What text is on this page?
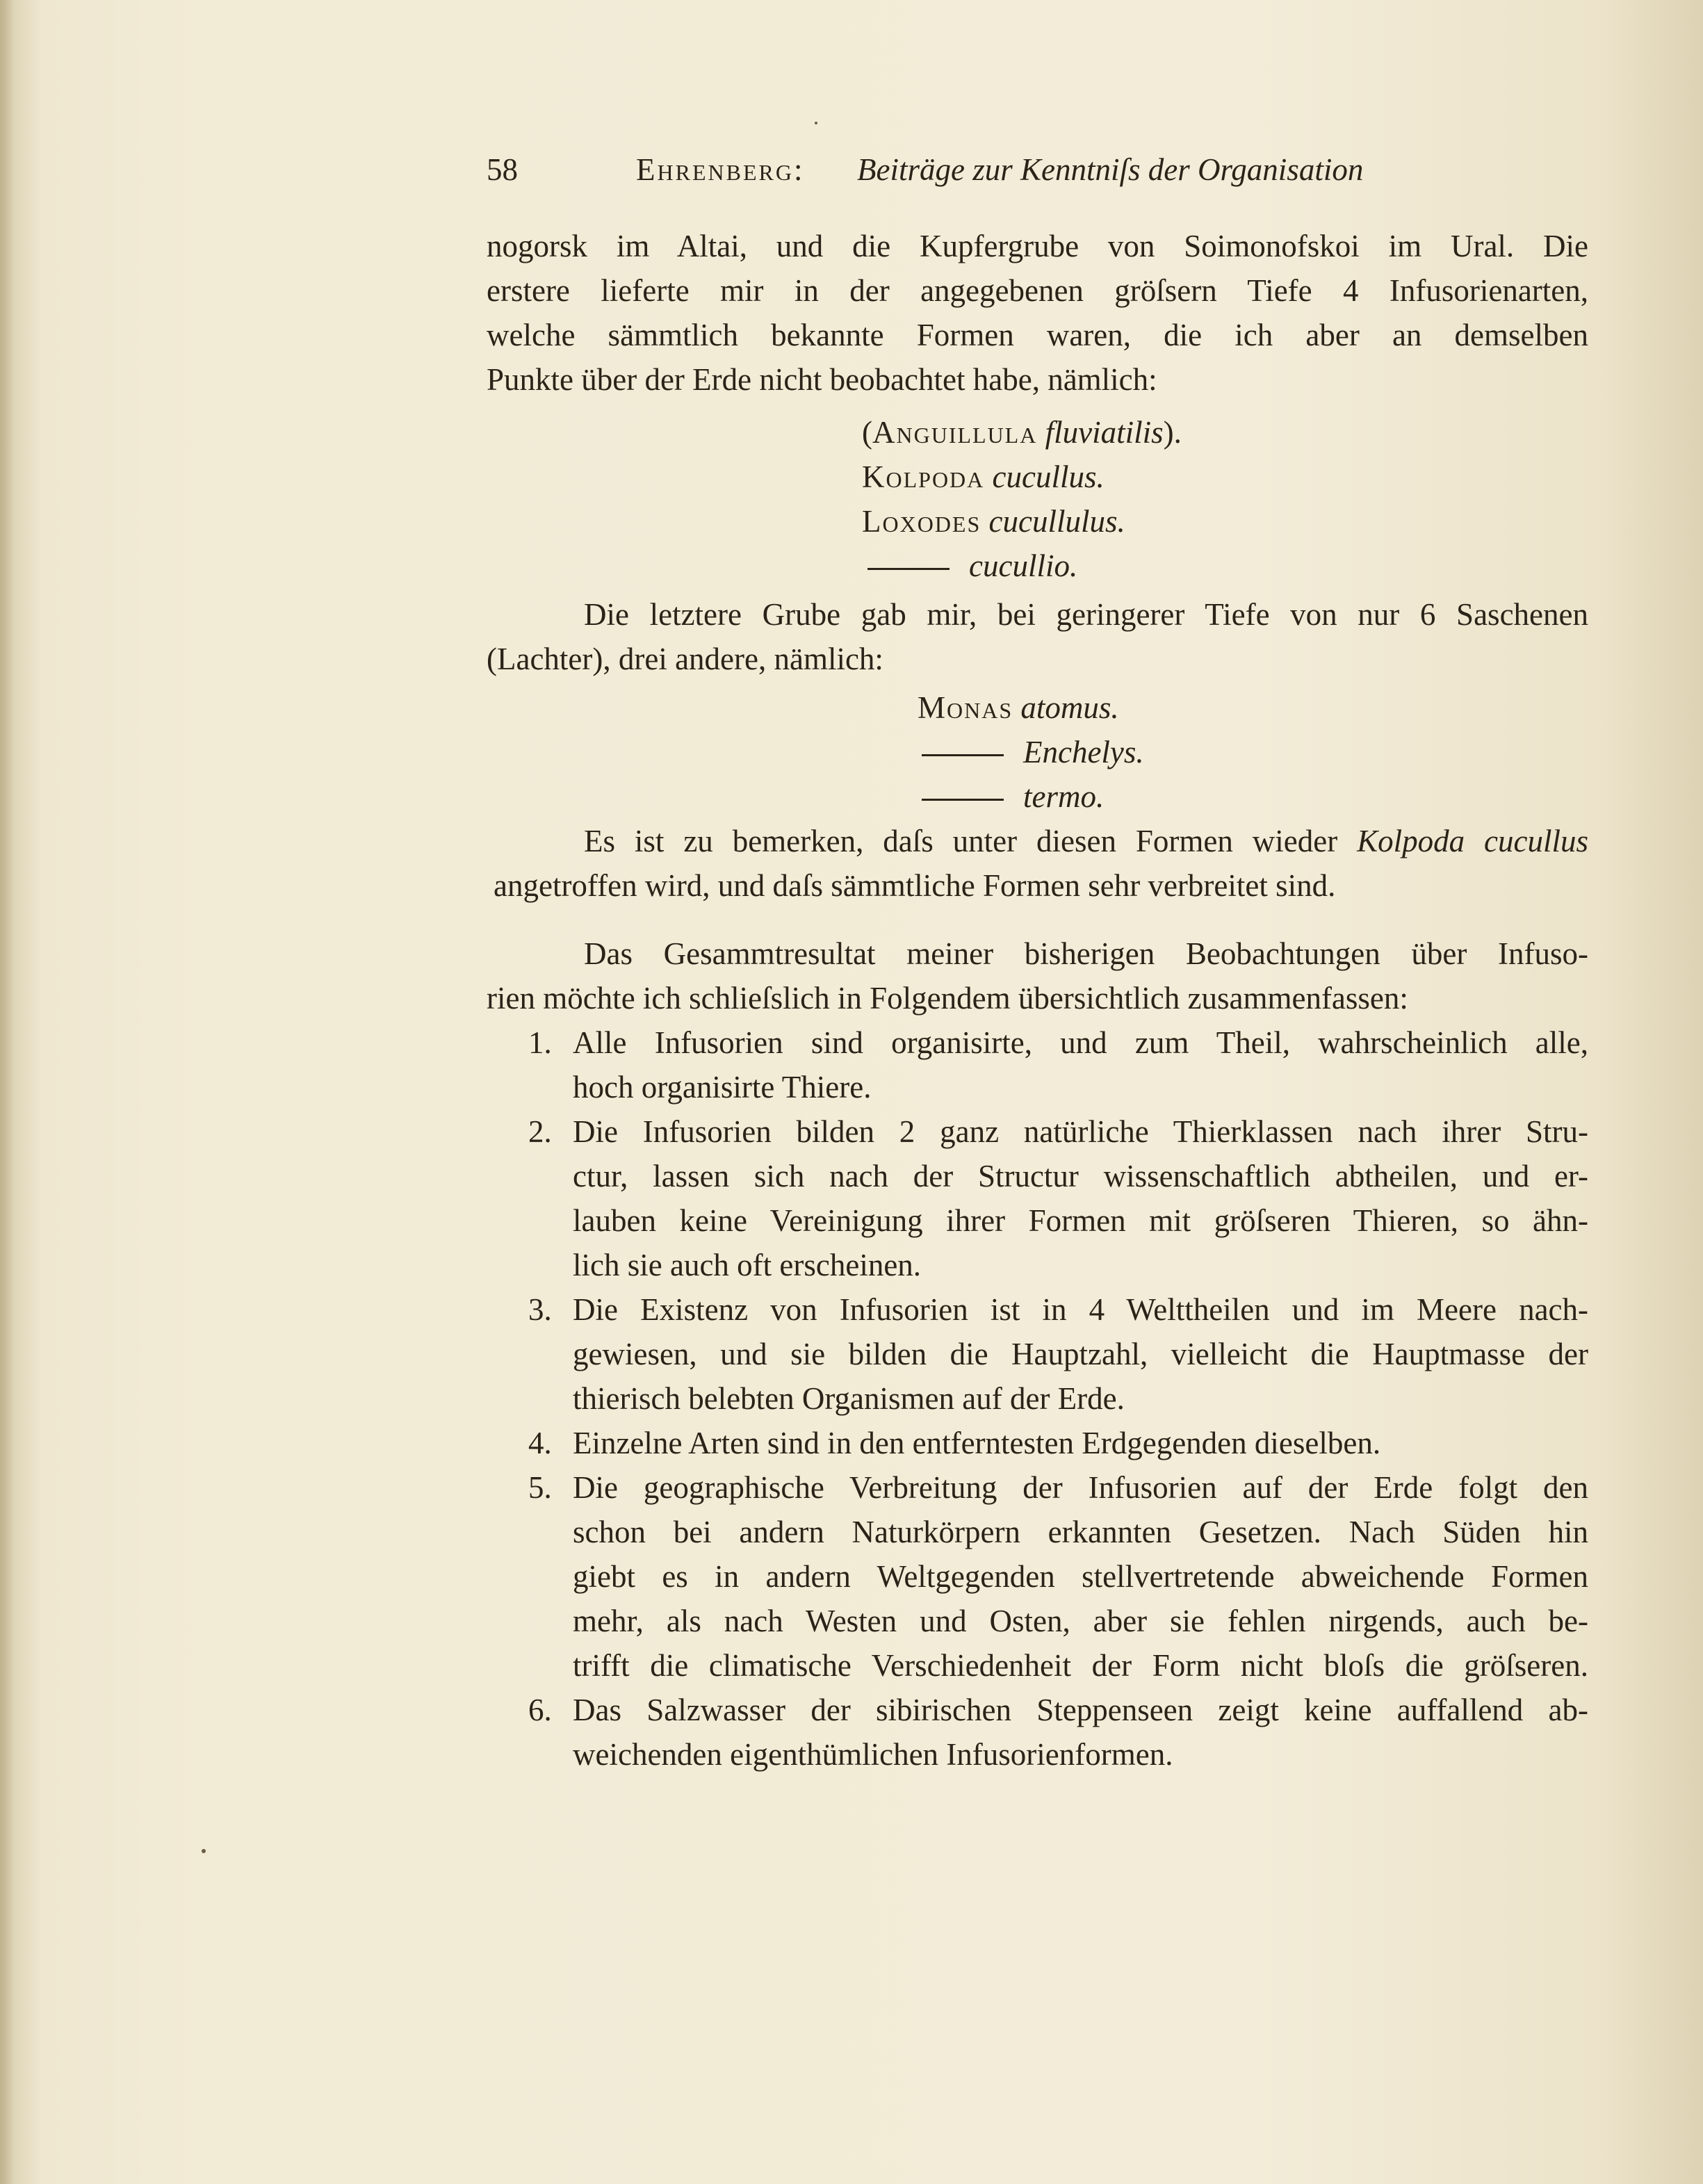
58	Ehrenberg: Beiträge zur Kenntniſs der Organisation
nogorsk im Altai, und die Kupfergrube von Soimonofskoi im Ural. Die
erstere lieferte mir in der angegebenen gröſsern Tiefe 4 Infusorienarten,
welche sämmtlich bekannte Formen waren, die ich aber an demselben
Punkte über der Erde nicht beobachtet habe, nämlich:
(Anguillula fluviatilis).
Kolpoda cucullus.
Loxodes cucullulus.
cucullio.
Die letztere Grube gab mir, bei geringerer Tiefe von nur 6 Saschenen
(Lachter), drei andere, nämlich:
Monas atomus.
Enchelys.
termo.
Es ist zu bemerken, daſs unter diesen Formen wieder Kolpoda cucullus
angetroffen wird, und daſs sämmtliche Formen sehr verbreitet sind.
Das Gesammtresultat meiner bisherigen Beobachtungen über Infuso-
rien möchte ich schlieſslich in Folgendem übersichtlich zusammenfassen:
1. Alle Infusorien sind organisirte, und zum Theil, wahrscheinlich alle,
hoch organisirte Thiere.
2. Die Infusorien bilden 2 ganz natürliche Thierklassen nach ihrer Stru-
ctur, lassen sich nach der Structur wissenschaftlich abtheilen, und er-
lauben keine Vereinigung ihrer Formen mit gröſseren Thieren, so ähn-
lich sie auch oft erscheinen.
3. Die Existenz von Infusorien ist in 4 Welttheilen und im Meere nach-
gewiesen, und sie bilden die Hauptzahl, vielleicht die Hauptmasse der
thierisch belebten Organismen auf der Erde.
4. Einzelne Arten sind in den entferntesten Erdgegenden dieselben.
5. Die geographische Verbreitung der Infusorien auf der Erde folgt den
schon bei andern Naturkörpern erkannten Gesetzen. Nach Süden hin
giebt es in andern Weltgegenden stellvertretende abweichende Formen
mehr, als nach Westen und Osten, aber sie fehlen nirgends, auch be-
trifft die climatische Verschiedenheit der Form nicht bloſs die gröſseren.
6. Das Salzwasser der sibirischen Steppenseen zeigt keine auffallend ab-
weichenden eigenthümlichen Infusorienformen.
